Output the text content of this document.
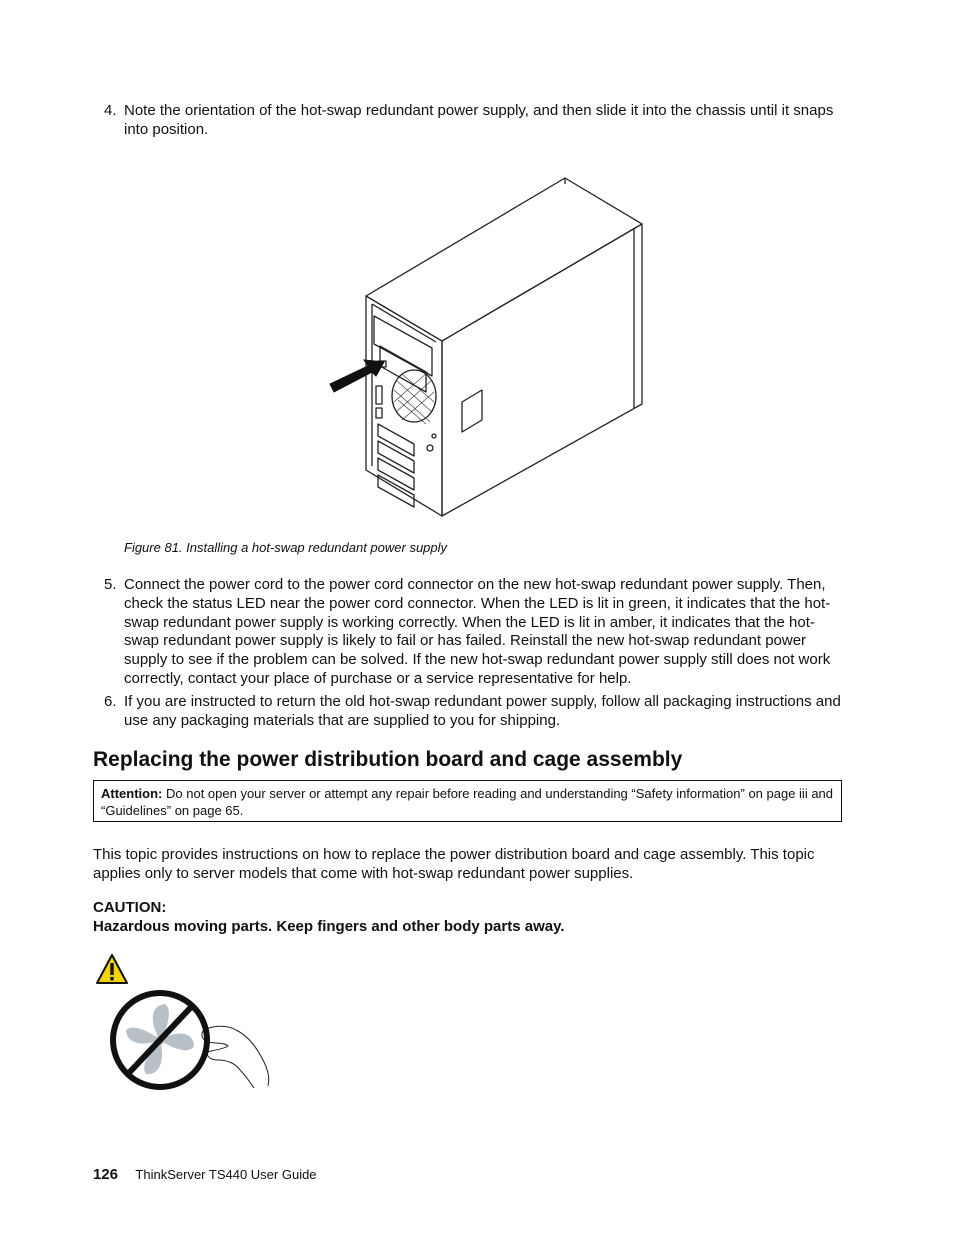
4. Note the orientation of the hot-swap redundant power supply, and then slide it into the chassis until it snaps into position.
Figure 81. Installing a hot-swap redundant power supply
5. Connect the power cord to the power cord connector on the new hot-swap redundant power supply. Then, check the status LED near the power cord connector. When the LED is lit in green, it indicates that the hot-swap redundant power supply is working correctly. When the LED is lit in amber, it indicates that the hot-swap redundant power supply is likely to fail or has failed. Reinstall the new hot-swap redundant power supply to see if the problem can be solved. If the new hot-swap redundant power supply still does not work correctly, contact your place of purchase or a service representative for help.
6. If you are instructed to return the old hot-swap redundant power supply, follow all packaging instructions and use any packaging materials that are supplied to you for shipping.
Replacing the power distribution board and cage assembly
Attention: Do not open your server or attempt any repair before reading and understanding “Safety information” on page iii and “Guidelines” on page 65.
This topic provides instructions on how to replace the power distribution board and cage assembly. This topic applies only to server models that come with hot-swap redundant power supplies.
CAUTION:
Hazardous moving parts. Keep fingers and other body parts away.
126 ThinkServer TS440 User Guide
